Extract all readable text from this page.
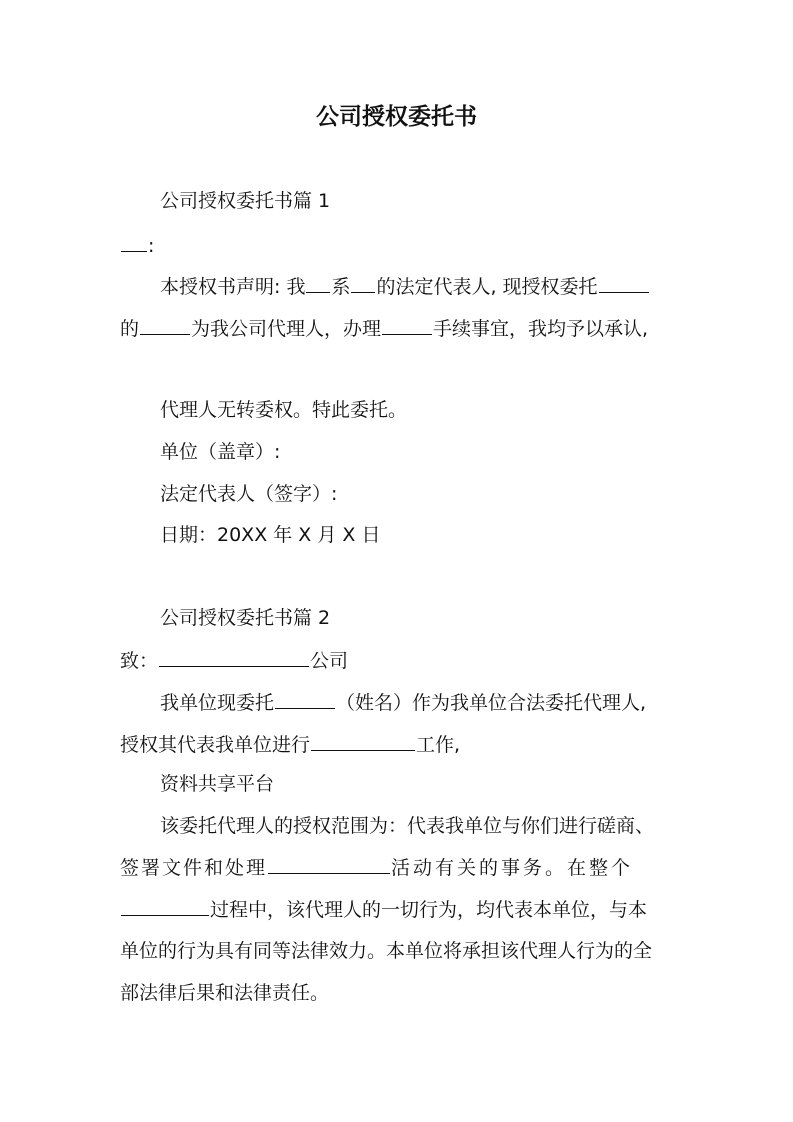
公司授权委托书
公司授权委托书篇 1
:
本授权书声明: 我 系 的法定代表人, 现授权委托
的	为我公司代理人，办理	手续事宜，我均予以承认,
代理人无转委权。特此委托。
单位（盖章）:
法定代表人（签字）:
日期：20XX 年 X 月 X 日
公司授权委托书篇 2
致：	公司
我单位现委托	（姓名）作为我单位合法委托代理人,
授权其代表我单位进行	工作,
资料共享平台
该委托代理人的授权范围为：代表我单位与你们进行磋商、
签署文件和处理	活动有关的事务。在整个
过程中，该代理人的一切行为，均代表本单位，与本
单位的行为具有同等法律效力。本单位将承担该代理人行为的全
部法律后果和法律责任。
